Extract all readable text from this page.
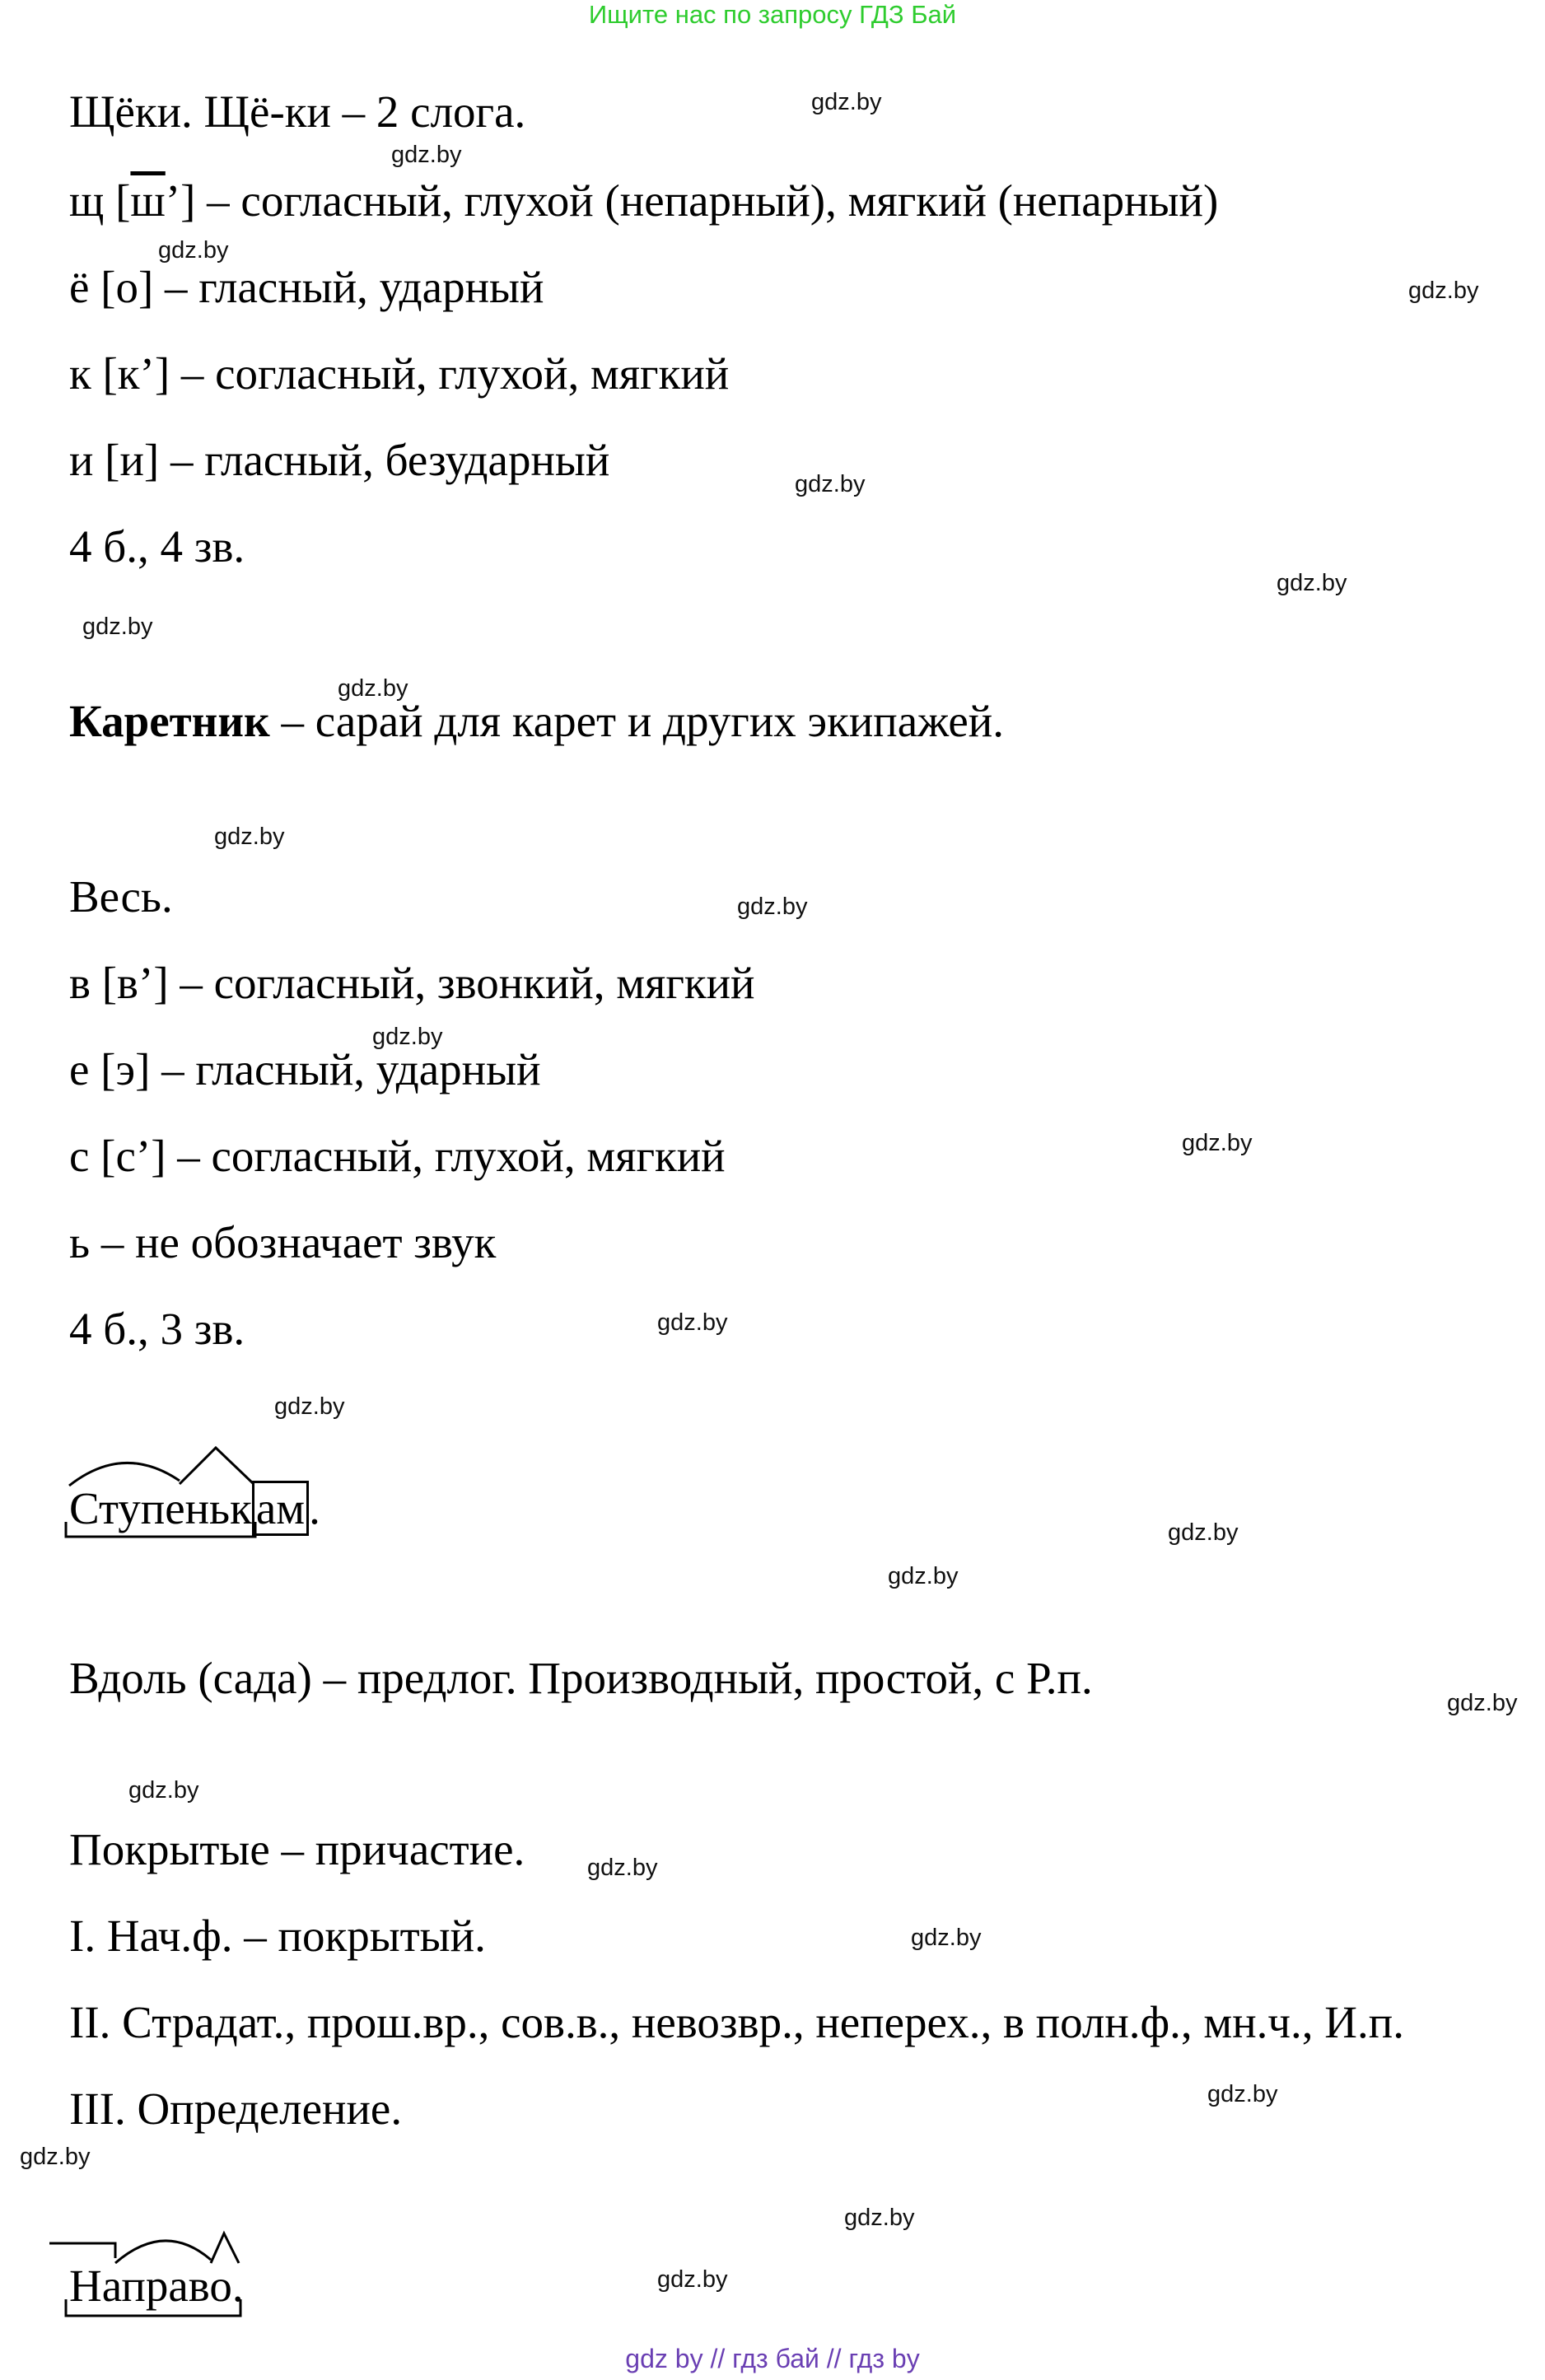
Ищите нас по запросу ГДЗ Бай
Щёки. Щё-ки – 2 слога.
щ [ш’] – согласный, глухой (непарный), мягкий (непарный)
ё [о] – гласный, ударный
к [к’] – согласный, глухой, мягкий
и [и] – гласный, безударный
4 б., 4 зв.
Каретник – сарай для карет и других экипажей.
Весь.
в [в’] – согласный, звонкий, мягкий
е [э] – гласный, ударный
с [с’] – согласный, глухой, мягкий
ь – не обозначает звук
4 б., 3 зв.
Ступенькам.
Вдоль (сада) – предлог. Производный, простой, с Р.п.
Покрытые – причастие.
I. Нач.ф. – покрытый.
II. Страдат., прош.вр., сов.в., невозвр., неперех., в полн.ф., мн.ч., И.п.
III. Определение.
Направо.
gdz.by
gdz.by
gdz.by
gdz.by
gdz.by
gdz.by
gdz.by
gdz.by
gdz.by
gdz.by
gdz.by
gdz.by
gdz.by
gdz.by
gdz.by
gdz.by
gdz.by
gdz.by
gdz.by
gdz.by
gdz.by
gdz.by
gdz.by
gdz.by
gdz by // гдз бай // гдз by
